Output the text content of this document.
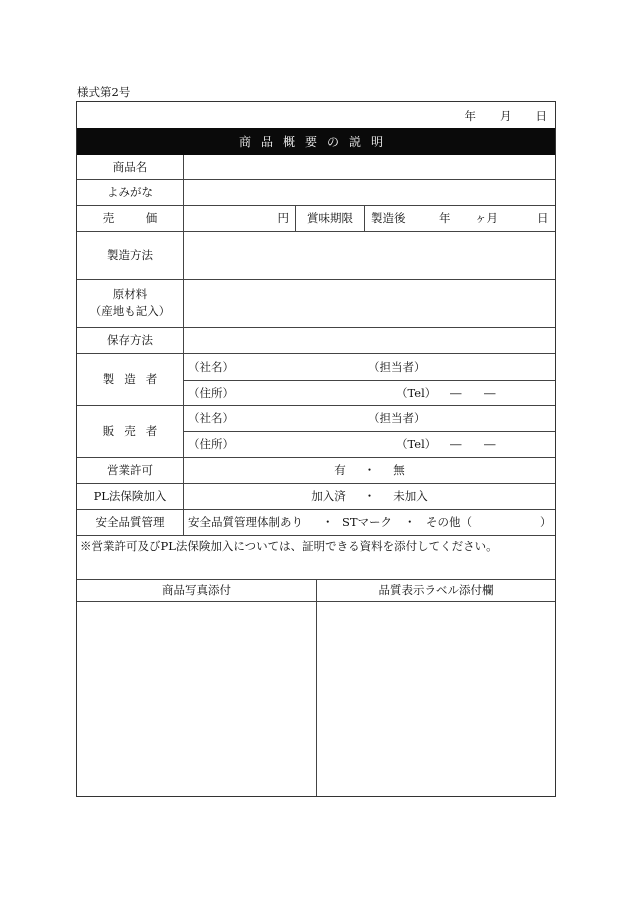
様式第2号
年 月 日
商品概要の説明
商品名
よみがな
売　価	円	賞味期限	製造後	年 ヶ月	日
製造方法
原材料
（産地も記入）
保存方法
製造者
（社名）	（担当者）
（住所）	（Tel） ― ―
販売者
（社名）	（担当者）
（住所）	（Tel） ― ―
営業許可	有 ・ 無
PL法保険加入	加入済 ・ 未加入
安全品質管理	安全品質管理体制あり ・ STマーク ・ その他（	）
※営業許可及びPL法保険加入については、証明できる資料を添付してください。
商品写真添付	品質表示ラベル添付欄
